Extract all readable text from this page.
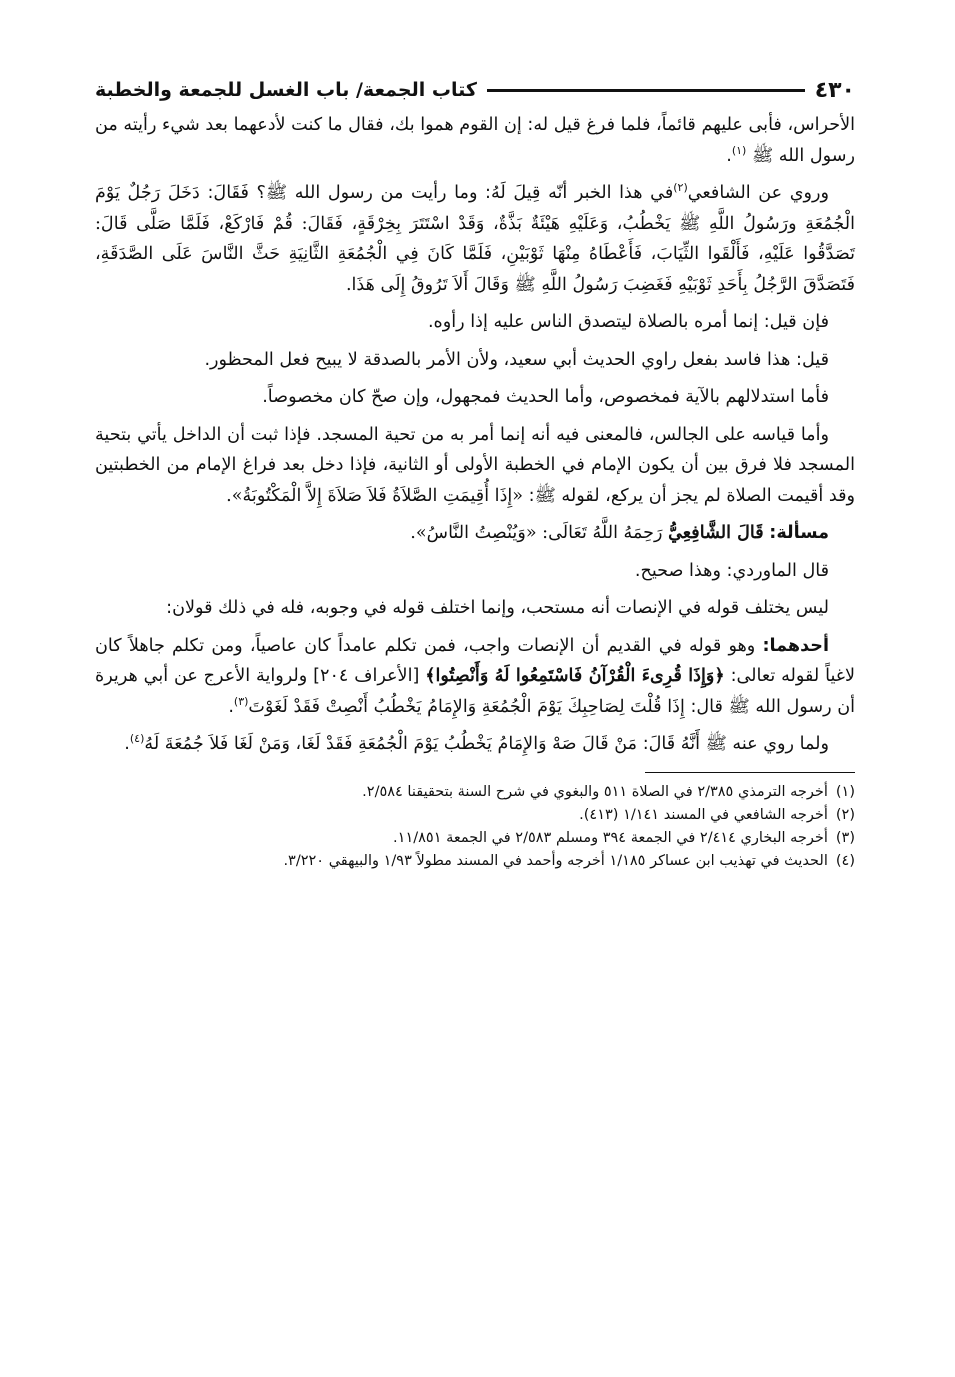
٤٣٠
كتاب الجمعة/ باب الغسل للجمعة والخطبة

الأحراس، فأبى عليهم قائماً، فلما فرغ قيل له: إن القوم هموا بك، فقال ما كنت لأدعهما بعد شيء رأيته من رسول الله ﷺ $^{(١)}$.

وروي عن الشافعي$^{(٢)}$في هذا الخبر أنّه قِيلَ لَهُ: وما رأيت من رسول الله ﷺ؟ فَقَالَ: دَخَلَ رَجُلٌ يَوْمَ الْجُمُعَةِ ورَسُولُ اللَّهِ ﷺ يَخْطُبُ، وَعَلَيْهِ هَيْئَةٌ بَذَّةٌ، وَقَدْ اسْتَتَرَ بِخِرْقَةٍ، فَقَالَ: قُمْ فَارْكَعْ، فَلَمَّا صَلَّى قَالَ: تَصَدَّقُوا عَلَيْهِ، فَأَلْقَوا الثِّيَابَ، فَأَعْطَاهُ مِنْهَا ثَوْبَيْنِ، فَلَمَّا كَانَ فِي الْجُمُعَةِ الثَّانِيَةِ حَثَّ النَّاسَ عَلَى الصَّدَقَةِ، فَتَصَدَّقَ الرَّجُلُ بِأَحَدِ ثَوْبَيْهِ فَغَضِبَ رَسُولُ اللَّهِ ﷺ وَقَالَ أَلاَ تَرُوقُ إِلَى هَذَا.

فإن قيل: إنما أمره بالصلاة ليتصدق الناس عليه إذا رأوه.

قيل: هذا فاسد بفعل راوي الحديث أبي سعيد، ولأن الأمر بالصدقة لا يبيح فعل المحظور.

فأما استدلالهم بالآية فمخصوص، وأما الحديث فمجهول، وإن صحّ كان مخصوصاً.

وأما قياسه على الجالس، فالمعنى فيه أنه إنما أمر به من تحية المسجد. فإذا ثبت أن الداخل يأتي بتحية المسجد فلا فرق بين أن يكون الإمام في الخطبة الأولى أو الثانية، فإذا دخل بعد فراغ الإمام من الخطبتين وقد أقيمت الصلاة لم يجز أن يركع، لقوله ﷺ: «إِذَا أُقِيمَتِ الصَّلاَةُ فَلاَ صَلاَةَ إِلاَّ الْمَكْتُوبَةُ».

مسألة: قَالَ الشَّافِعِيُّ رَحِمَهُ اللَّهُ تَعَالَى: «وَيُنْصِتُ النَّاسُ».

قال الماوردي: وهذا صحيح.

ليس يختلف قوله في الإنصات أنه مستحب، وإنما اختلف قوله في وجوبه، فله في ذلك قولان:

أحدهما: وهو قوله في القديم أن الإنصات واجب، فمن تكلم عامداً كان عاصياً، ومن تكلم جاهلاً كان لاغياً لقوله تعالى: ﴿وَإِذَا قُرِىءَ الْقُرْآنُ فَاسْتَمِعُوا لَهُ وَأَنْصِتُوا﴾ [الأعراف ٢٠٤] ولرواية الأعرج عن أبي هريرة أن رسول الله ﷺ قال: إِذَا قُلْتَ لِصَاحِبِكَ يَوْمَ الْجُمُعَةِ وَالإِمَامُ يَخْطُبُ أَنْصِتْ فَقَدْ لَغَوْتَ$^{(٣)}$.

ولما روي عنه ﷺ أَنَّهُ قَالَ: مَنْ قَالَ صَهْ وَالإِمَامُ يَخْطُبُ يَوْمَ الْجُمُعَةِ فَقَدْ لَغَا، وَمَنْ لَغَا فَلاَ جُمُعَةَ لَهُ$^{(٤)}$.

(١)أخرجه الترمذي ٢/٣٨٥ في الصلاة ٥١١ والبغوي في شرح السنة بتحقيقنا ٢/٥٨٤.

(٢)أخرجه الشافعي في المسند ١/١٤١ (٤١٣).

(٣)أخرجه البخاري ٢/٤١٤ في الجمعة ٣٩٤ ومسلم ٢/٥٨٣ في الجمعة ١١/٨٥١.

(٤)الحديث في تهذيب ابن عساكر ١/١٨٥ أخرجه وأحمد في المسند مطولاً ١/٩٣ والبيهقي ٣/٢٢٠.
